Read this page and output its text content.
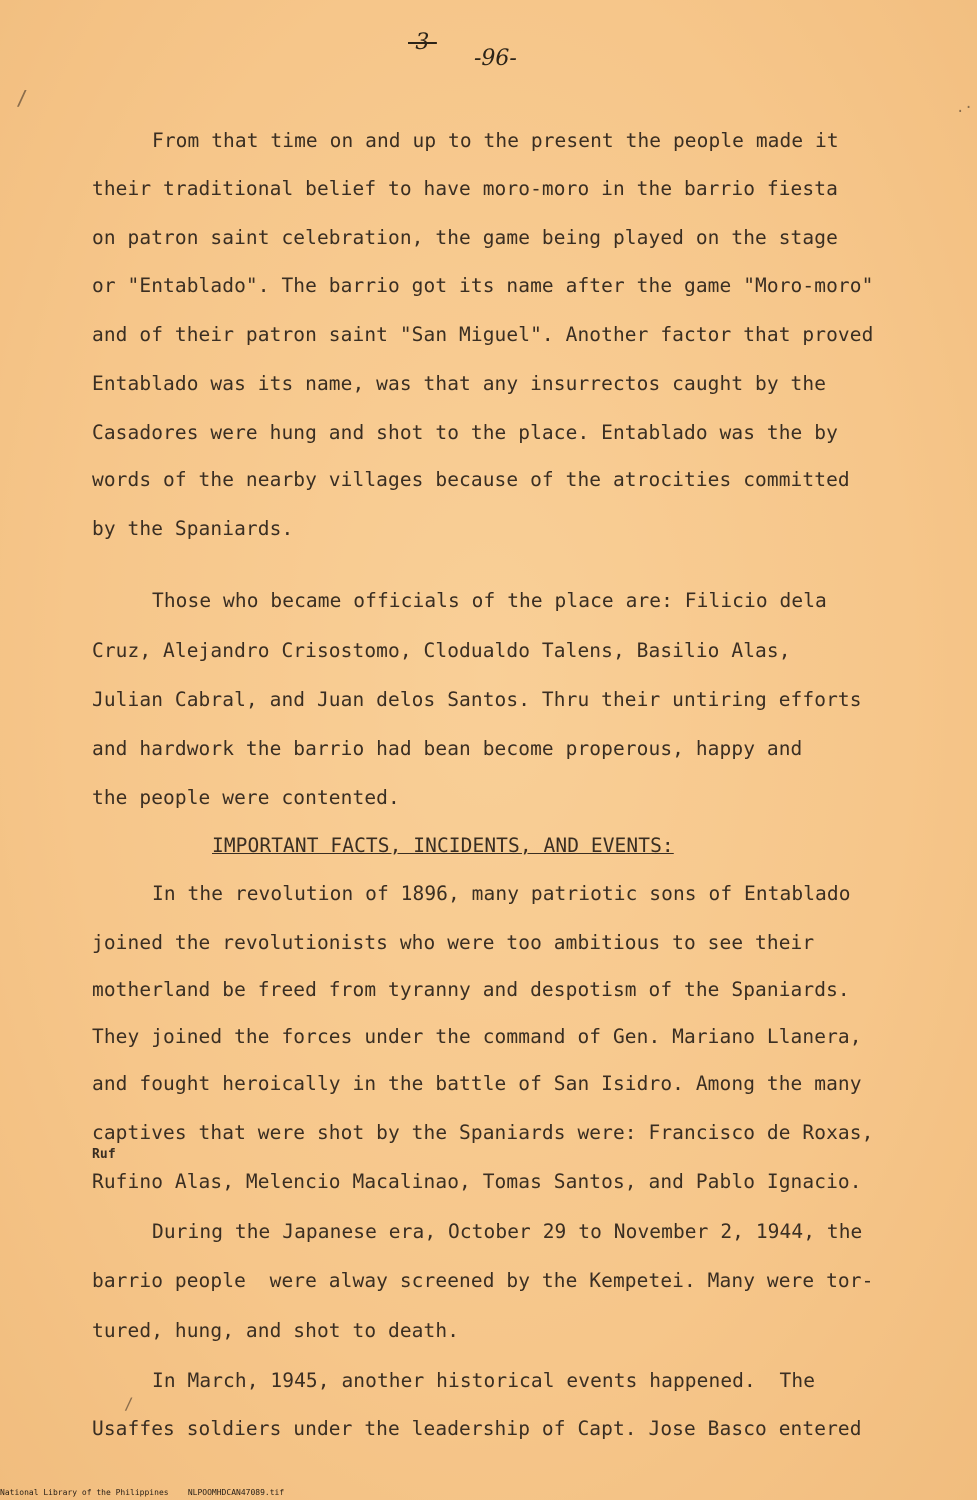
-3-
-96-
From that time on and up to the present the people made it
their traditional belief to have moro-moro in the barrio fiesta
on patron saint celebration, the game being played on the stage
or "Entablado". The barrio got its name after the game "Moro-moro"
and of their patron saint "San Miguel". Another factor that proved
Entablado was its name, was that any insurrectos caught by the
Casadores were hung and shot to the place. Entablado was the by
words of the nearby villages because of the atrocities committed
by the Spaniards.
Those who became officials of the place are: Filicio dela
Cruz, Alejandro Crisostomo, Clodualdo Talens, Basilio Alas,
Julian Cabral, and Juan delos Santos. Thru their untiring efforts
and hardwork the barrio had bean become properous, happy and
the people were contented.
IMPORTANT FACTS, INCIDENTS, AND EVENTS:
In the revolution of 1896, many patriotic sons of Entablado
joined the revolutionists who were too ambitious to see their
motherland be freed from tyranny and despotism of the Spaniards.
They joined the forces under the command of Gen. Mariano Llanera,
and fought heroically in the battle of San Isidro. Among the many
captives that were shot by the Spaniards were: Francisco de Roxas,
Ruf
Rufino Alas, Melencio Macalinao, Tomas Santos, and Pablo Ignacio.
During the Japanese era, October 29 to November 2, 1944, the
barrio people  were alway screened by the Kempetei. Many were tor-
tured, hung, and shot to death.
In March, 1945, another historical events happened.  The
Usaffes soldiers under the leadership of Capt. Jose Basco entered
/	.·
/
National Library of the Philippines    NLPOOMHDCAN47089.tif
